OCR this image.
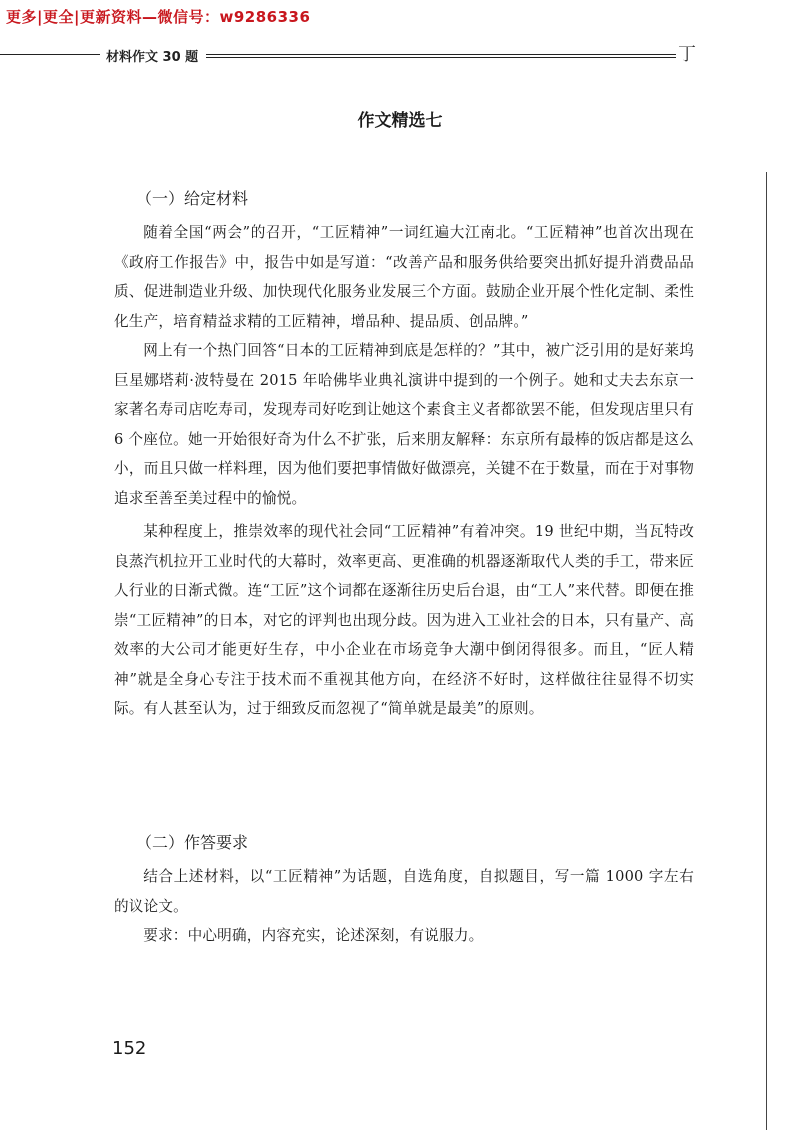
更多|更全|更新资料—微信号：w9286336
材料作文 30 题	丁
作文精选七
（一）给定材料

随着全国“两会”的召开，“工匠精神”一词红遍大江南北。“工匠精神”也首次出现在《政府工作报告》中，报告中如是写道：“改善产品和服务供给要突出抓好提升消费品品质、促进制造业升级、加快现代化服务业发展三个方面。鼓励企业开展个性化定制、柔性化生产，培育精益求精的工匠精神，增品种、提品质、创品牌。”

网上有一个热门回答“日本的工匠精神到底是怎样的？”其中，被广泛引用的是好莱坞巨星娜塔莉·波特曼在 2015 年哈佛毕业典礼演讲中提到的一个例子。她和丈夫去东京一家著名寿司店吃寿司，发现寿司好吃到让她这个素食主义者都欲罢不能，但发现店里只有 6 个座位。她一开始很好奇为什么不扩张，后来朋友解释：东京所有最棒的饭店都是这么小，而且只做一样料理，因为他们要把事情做好做漂亮，关键不在于数量，而在于对事物追求至善至美过程中的愉悦。

某种程度上，推崇效率的现代社会同“工匠精神”有着冲突。19 世纪中期，当瓦特改良蒸汽机拉开工业时代的大幕时，效率更高、更准确的机器逐渐取代人类的手工，带来匠人行业的日渐式微。连“工匠”这个词都在逐渐往历史后台退，由“工人”来代替。即便在推崇“工匠精神”的日本，对它的评判也出现分歧。因为进入工业社会的日本，只有量产、高效率的大公司才能更好生存，中小企业在市场竞争大潮中倒闭得很多。而且，“匠人精神”就是全身心专注于技术而不重视其他方向，在经济不好时，这样做往往显得不切实际。有人甚至认为，过于细致反而忽视了“简单就是最美”的原则。

（二）作答要求

结合上述材料，以“工匠精神”为话题，自选角度，自拟题目，写一篇 1000 字左右的议论文。

要求：中心明确，内容充实，论述深刻，有说服力。

152
